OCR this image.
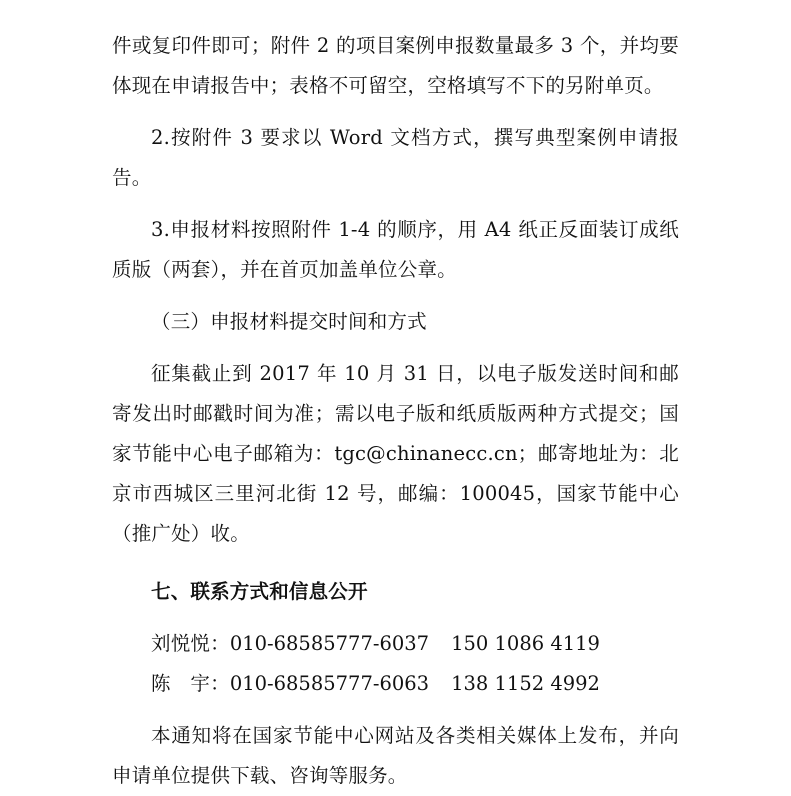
件或复印件即可；附件 2 的项目案例申报数量最多 3 个，并均要体现在申请报告中；表格不可留空，空格填写不下的另附单页。

2.按附件 3 要求以 Word 文档方式，撰写典型案例申请报告。

3.申报材料按照附件 1-4 的顺序，用 A4 纸正反面装订成纸质版（两套），并在首页加盖单位公章。

（三）申报材料提交时间和方式

征集截止到 2017 年 10 月 31 日，以电子版发送时间和邮寄发出时邮戳时间为准；需以电子版和纸质版两种方式提交；国家节能中心电子邮箱为：tgc@chinanecc.cn；邮寄地址为：北京市西城区三里河北街 12 号，邮编：100045，国家节能中心（推广处）收。

七、联系方式和信息公开

刘悦悦：010-68585777-6037 150 1086 4119

陈　宇：010-68585777-6063 138 1152 4992

本通知将在国家节能中心网站及各类相关媒体上发布，并向申请单位提供下载、咨询等服务。
